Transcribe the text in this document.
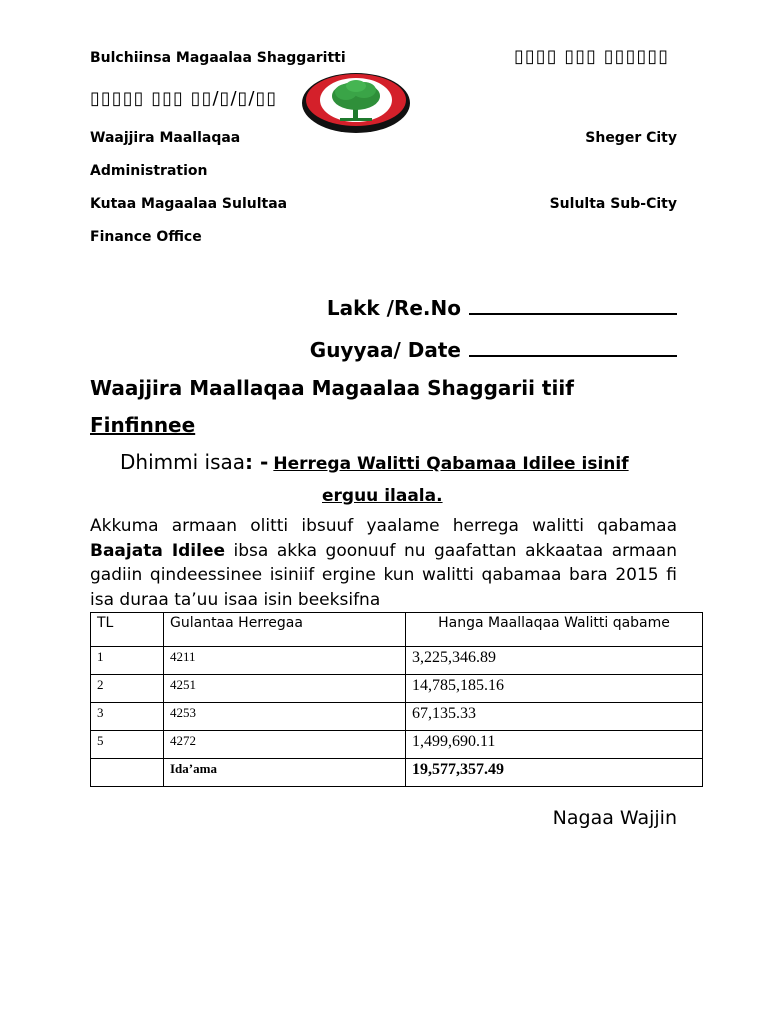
Bulchiinsa Magaalaa Shaggaritti	▯▯▯▯ ▯▯▯ ▯▯▯▯▯▯
▯▯▯▯▯ ▯▯▯ ▯▯/▯/▯/▯▯
Waajjira Maallaqaa	Sheger City
Administration
Kutaa Magaalaa Sulultaa	Sululta Sub-City
Finance Office
Lakk /Re.No
Guyyaa/ Date
Waajjira Maallaqaa Magaalaa Shaggarii tiif
Finfinnee
Dhimmi isaa: - Herrega Walitti Qabamaa Idilee isinif
erguu ilaala.
Akkuma armaan olitti ibsuuf yaalame herrega walitti qabamaa Baajata Idilee ibsa akka goonuuf nu gaafattan akkaataa armaan gadiin qindeessinee isiniif ergine kun walitti qabamaa bara 2015 fi isa duraa ta’uu isaa isin beeksifna
TL	Gulantaa Herregaa	Hanga Maallaqaa Walitti qabame
1	4211	3,225,346.89
2	4251	14,785,185.16
3	4253	67,135.33
5	4272	1,499,690.11
	Ida’ama	19,577,357.49
Nagaa Wajjin
